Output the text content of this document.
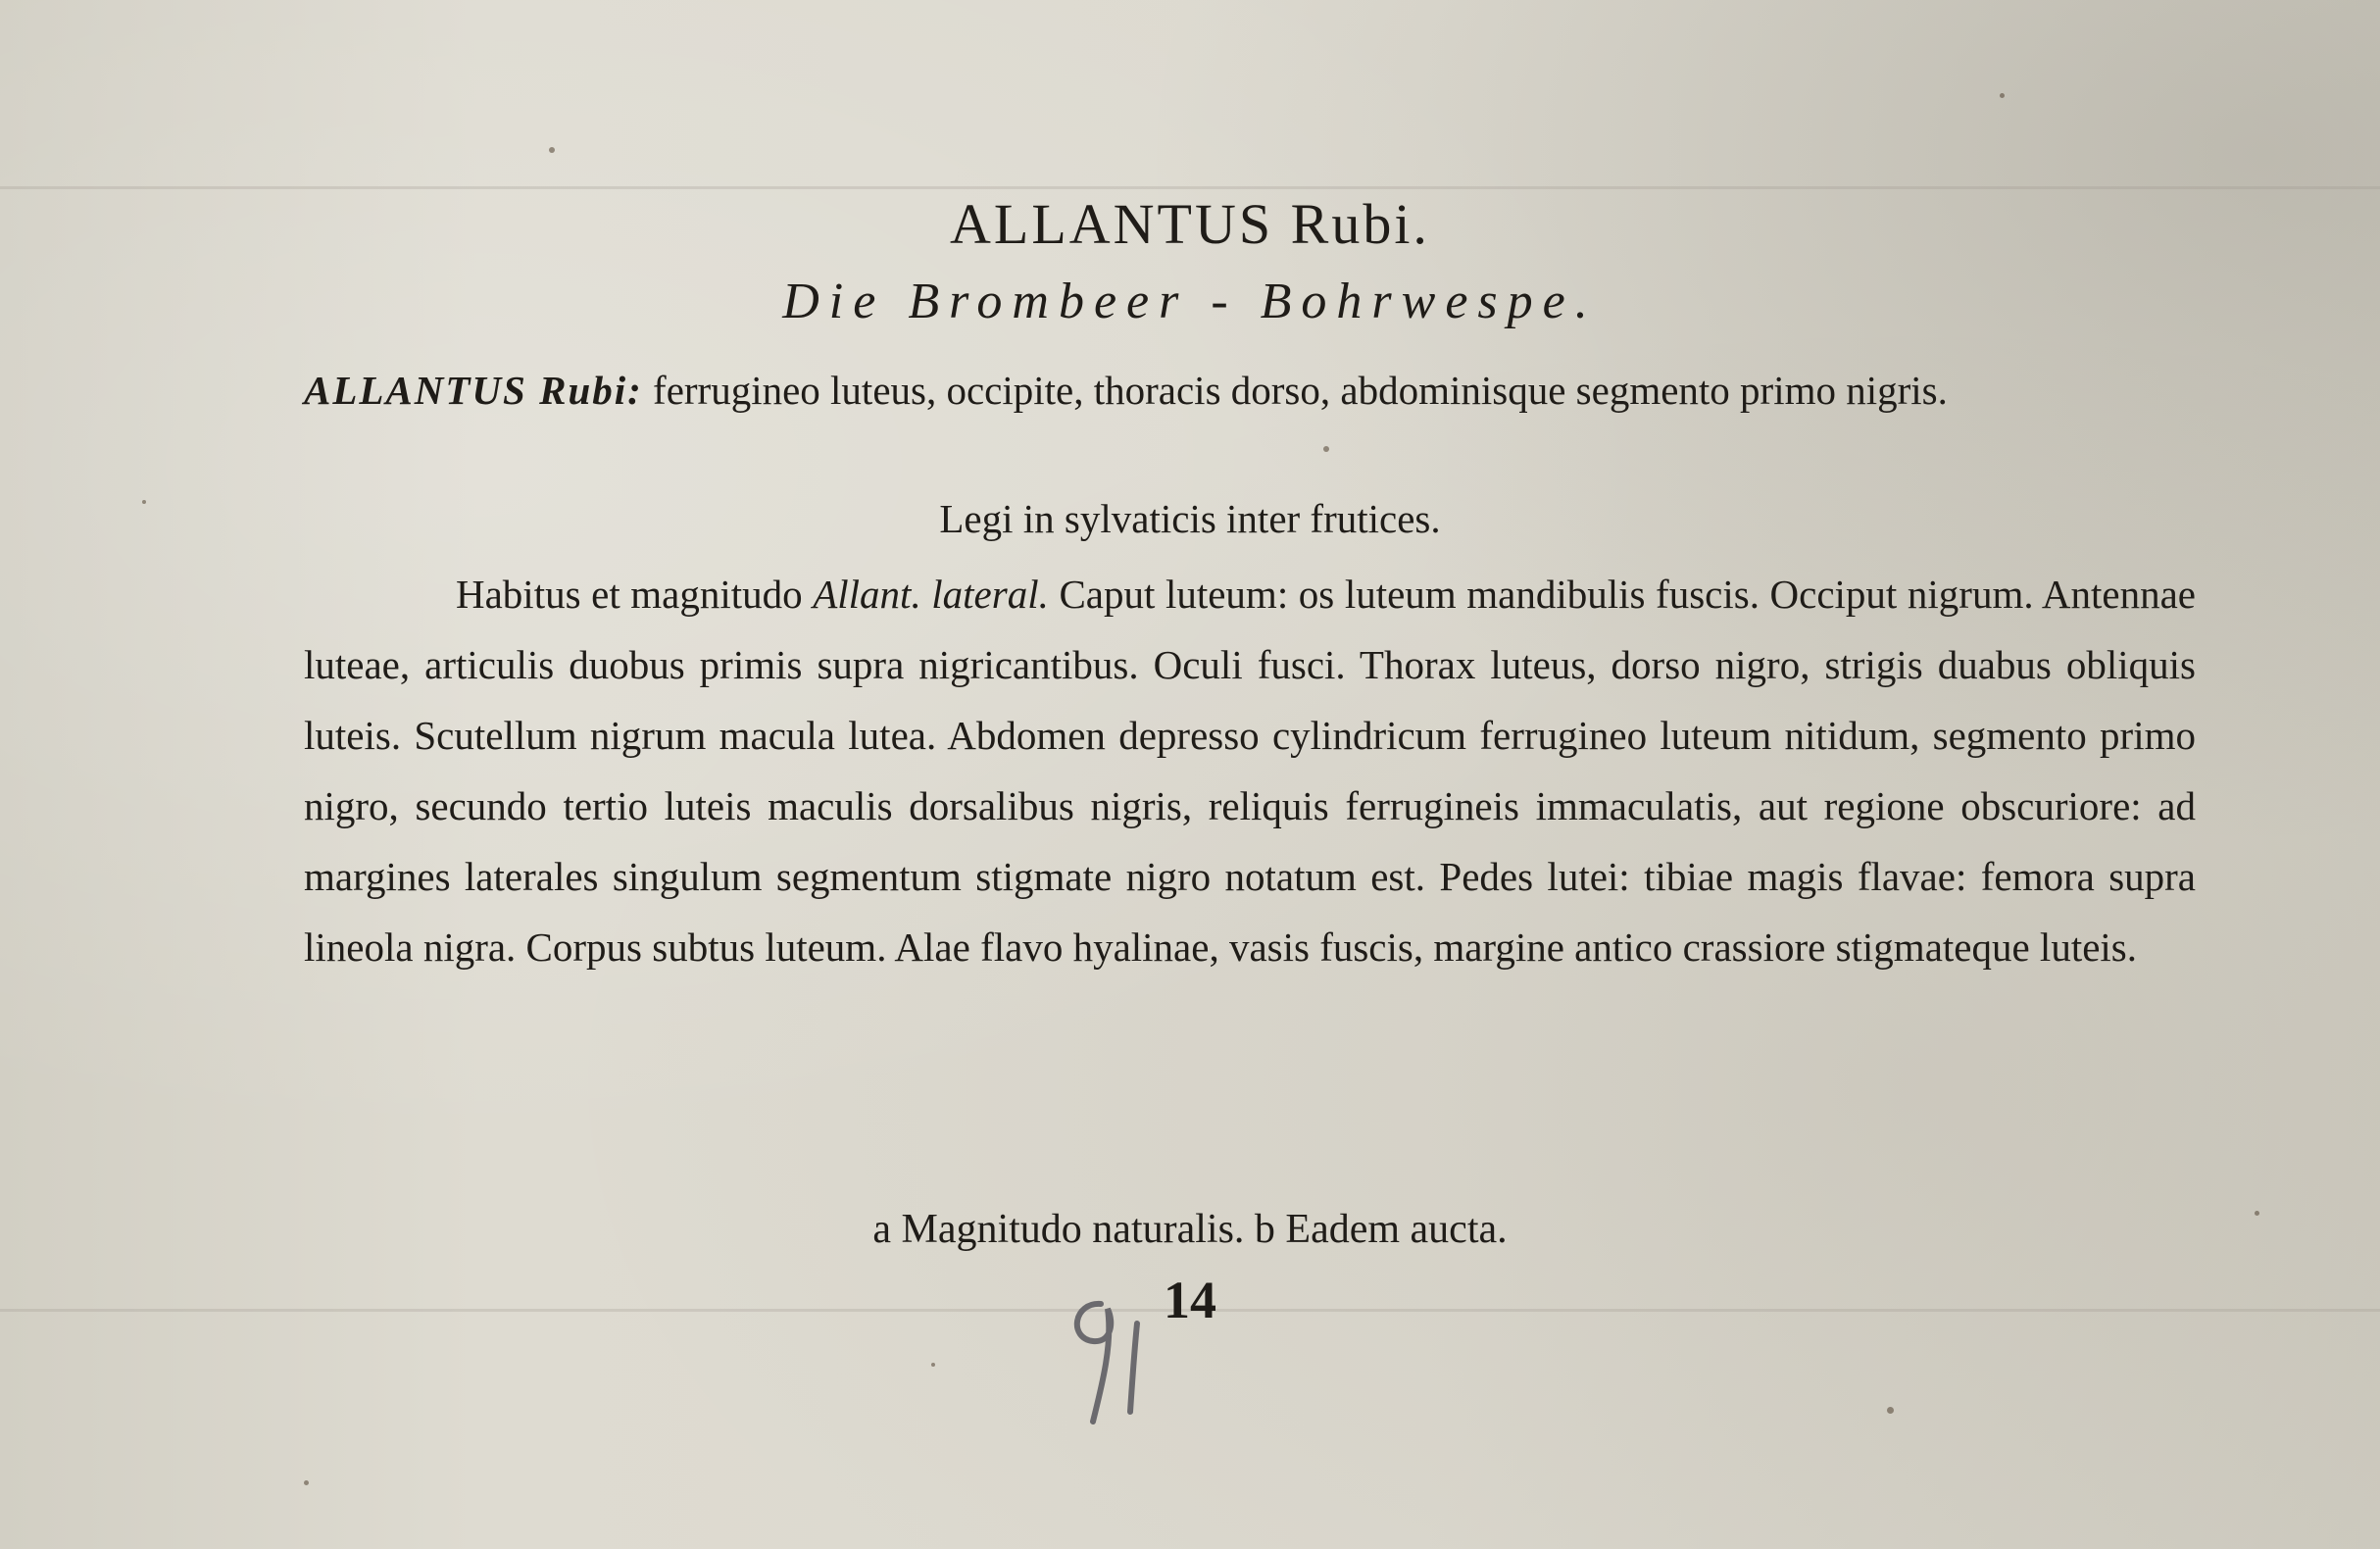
ALLANTUS Rubi.
Die Brombeer - Bohrwespe.

ALLANTUS Rubi: ferrugineo luteus, occipite, thoracis dorso, abdominisque segmento primo nigris.

Legi in sylvaticis inter frutices.

Habitus et magnitudo Allant. lateral. Caput luteum: os luteum mandibulis fuscis. Occiput nigrum. Antennae luteae, articulis duobus primis supra nigricantibus. Oculi fusci. Thorax luteus, dorso nigro, strigis duabus obliquis luteis. Scutellum nigrum macula lutea. Abdomen depresso cylindricum ferrugineo luteum nitidum, segmento primo nigro, secundo tertio luteis maculis dorsalibus nigris, reliquis ferrugineis immaculatis, aut regione obscuriore: ad margines laterales singulum segmentum stigmate nigro notatum est. Pedes lutei: tibiae magis flavae: femora supra lineola nigra. Corpus subtus luteum. Alae flavo hyalinae, vasis fuscis, margine antico crassiore stigmateque luteis.

a Magnitudo naturalis. b Eadem aucta.

14
